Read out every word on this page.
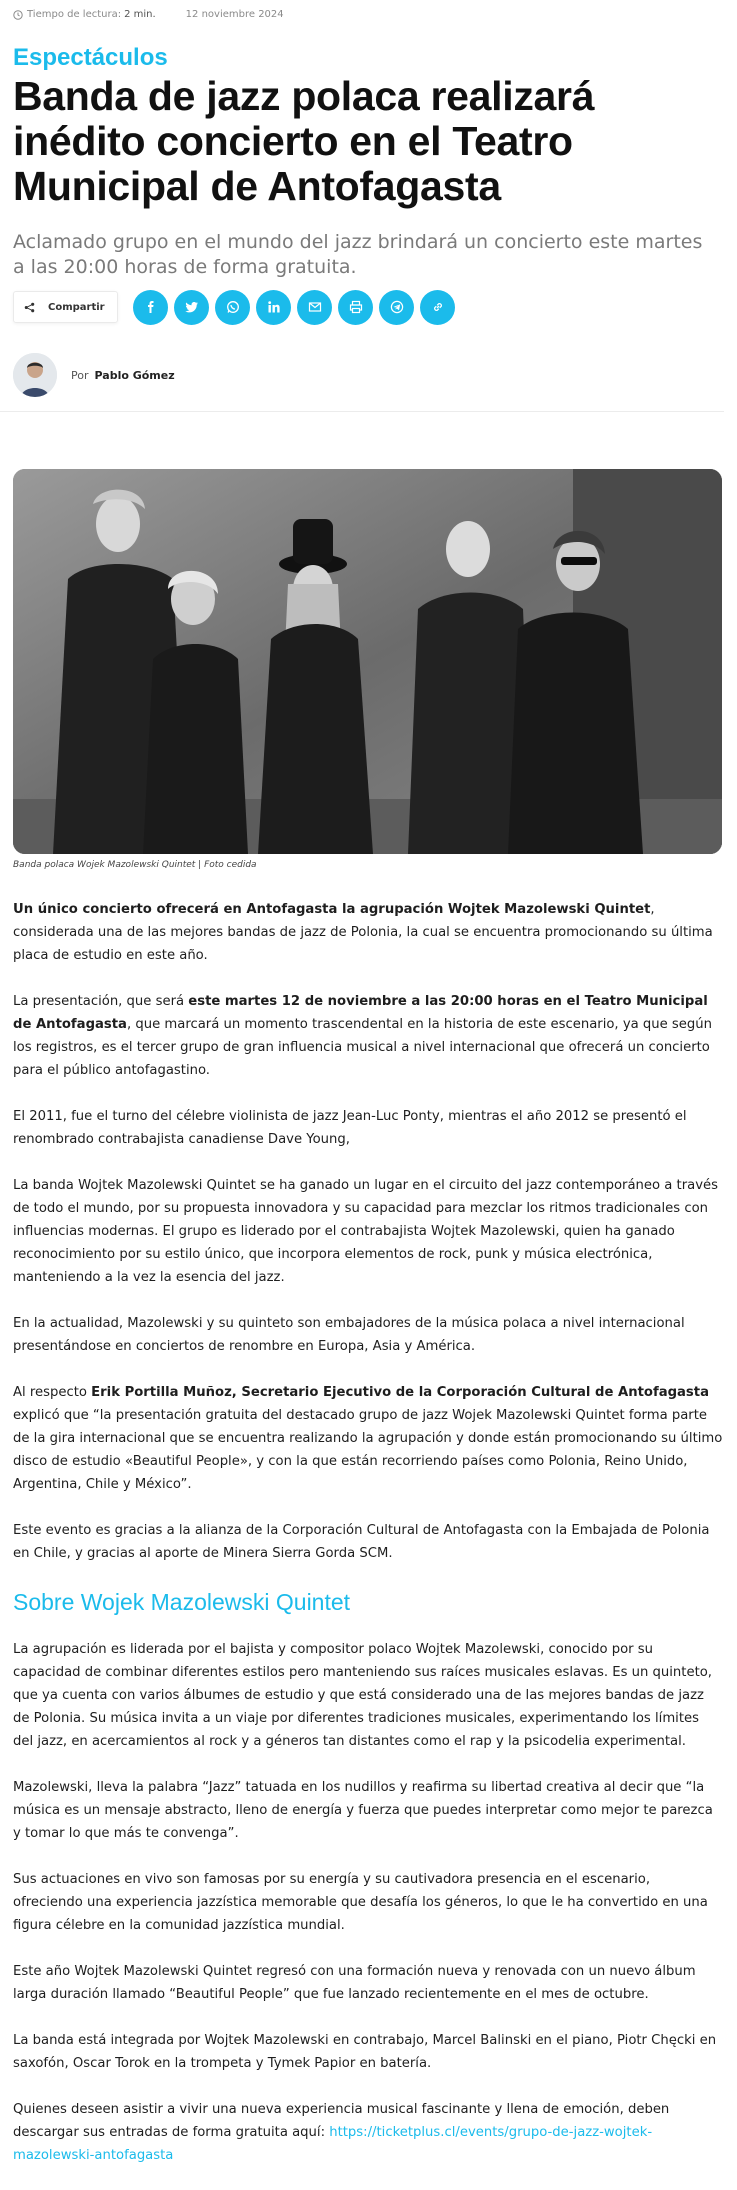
Tiempo de lectura: 2 min.	12 noviembre 2024
Espectáculos
Banda de jazz polaca realizará inédito concierto en el Teatro Municipal de Antofagasta

Aclamado grupo en el mundo del jazz brindará un concierto este martes a las 20:00 horas de forma gratuita.

Compartir
Por Pablo Gómez
Banda polaca Wojek Mazolewski Quintet | Foto cedida

Un único concierto ofrecerá en Antofagasta la agrupación Wojtek Mazolewski Quintet, considerada una de las mejores bandas de jazz de Polonia, la cual se encuentra promocionando su última placa de estudio en este año.

La presentación, que será este martes 12 de noviembre a las 20:00 horas en el Teatro Municipal de Antofagasta, que marcará un momento trascendental en la historia de este escenario, ya que según los registros, es el tercer grupo de gran influencia musical a nivel internacional que ofrecerá un concierto para el público antofagastino.

El 2011, fue el turno del célebre violinista de jazz Jean-Luc Ponty, mientras el año 2012 se presentó el renombrado contrabajista canadiense Dave Young,

La banda Wojtek Mazolewski Quintet se ha ganado un lugar en el circuito del jazz contemporáneo a través de todo el mundo, por su propuesta innovadora y su capacidad para mezclar los ritmos tradicionales con influencias modernas. El grupo es liderado por el contrabajista Wojtek Mazolewski, quien ha ganado reconocimiento por su estilo único, que incorpora elementos de rock, punk y música electrónica, manteniendo a la vez la esencia del jazz.

En la actualidad, Mazolewski y su quinteto son embajadores de la música polaca a nivel internacional presentándose en conciertos de renombre en Europa, Asia y América.

Al respecto Erik Portilla Muñoz, Secretario Ejecutivo de la Corporación Cultural de Antofagasta explicó que “la presentación gratuita del destacado grupo de jazz Wojek Mazolewski Quintet forma parte de la gira internacional que se encuentra realizando la agrupación y donde están promocionando su último disco de estudio «Beautiful People», y con la que están recorriendo países como Polonia, Reino Unido, Argentina, Chile y México”.

Este evento es gracias a la alianza de la Corporación Cultural de Antofagasta con la Embajada de Polonia en Chile, y gracias al aporte de Minera Sierra Gorda SCM.

Sobre Wojek Mazolewski Quintet

La agrupación es liderada por el bajista y compositor polaco Wojtek Mazolewski, conocido por su capacidad de combinar diferentes estilos pero manteniendo sus raíces musicales eslavas. Es un quinteto, que ya cuenta con varios álbumes de estudio y que está considerado una de las mejores bandas de jazz de Polonia. Su música invita a un viaje por diferentes tradiciones musicales, experimentando los límites del jazz, en acercamientos al rock y a géneros tan distantes como el rap y la psicodelia experimental.

Mazolewski, lleva la palabra “Jazz” tatuada en los nudillos y reafirma su libertad creativa al decir que “la música es un mensaje abstracto, lleno de energía y fuerza que puedes interpretar como mejor te parezca y tomar lo que más te convenga”.

Sus actuaciones en vivo son famosas por su energía y su cautivadora presencia en el escenario, ofreciendo una experiencia jazzística memorable que desafía los géneros, lo que le ha convertido en una figura célebre en la comunidad jazzística mundial.

Este año Wojtek Mazolewski Quintet regresó con una formación nueva y renovada con un nuevo álbum larga duración llamado “Beautiful People” que fue lanzado recientemente en el mes de octubre.

La banda está integrada por Wojtek Mazolewski en contrabajo, Marcel Balinski en el piano, Piotr Chęcki en saxofón, Oscar Torok en la trompeta y Tymek Papior en batería.

Quienes deseen asistir a vivir una nueva experiencia musical fascinante y llena de emoción, deben descargar sus entradas de forma gratuita aquí: https://ticketplus.cl/events/grupo-de-jazz-wojtek-mazolewski-antofagasta
